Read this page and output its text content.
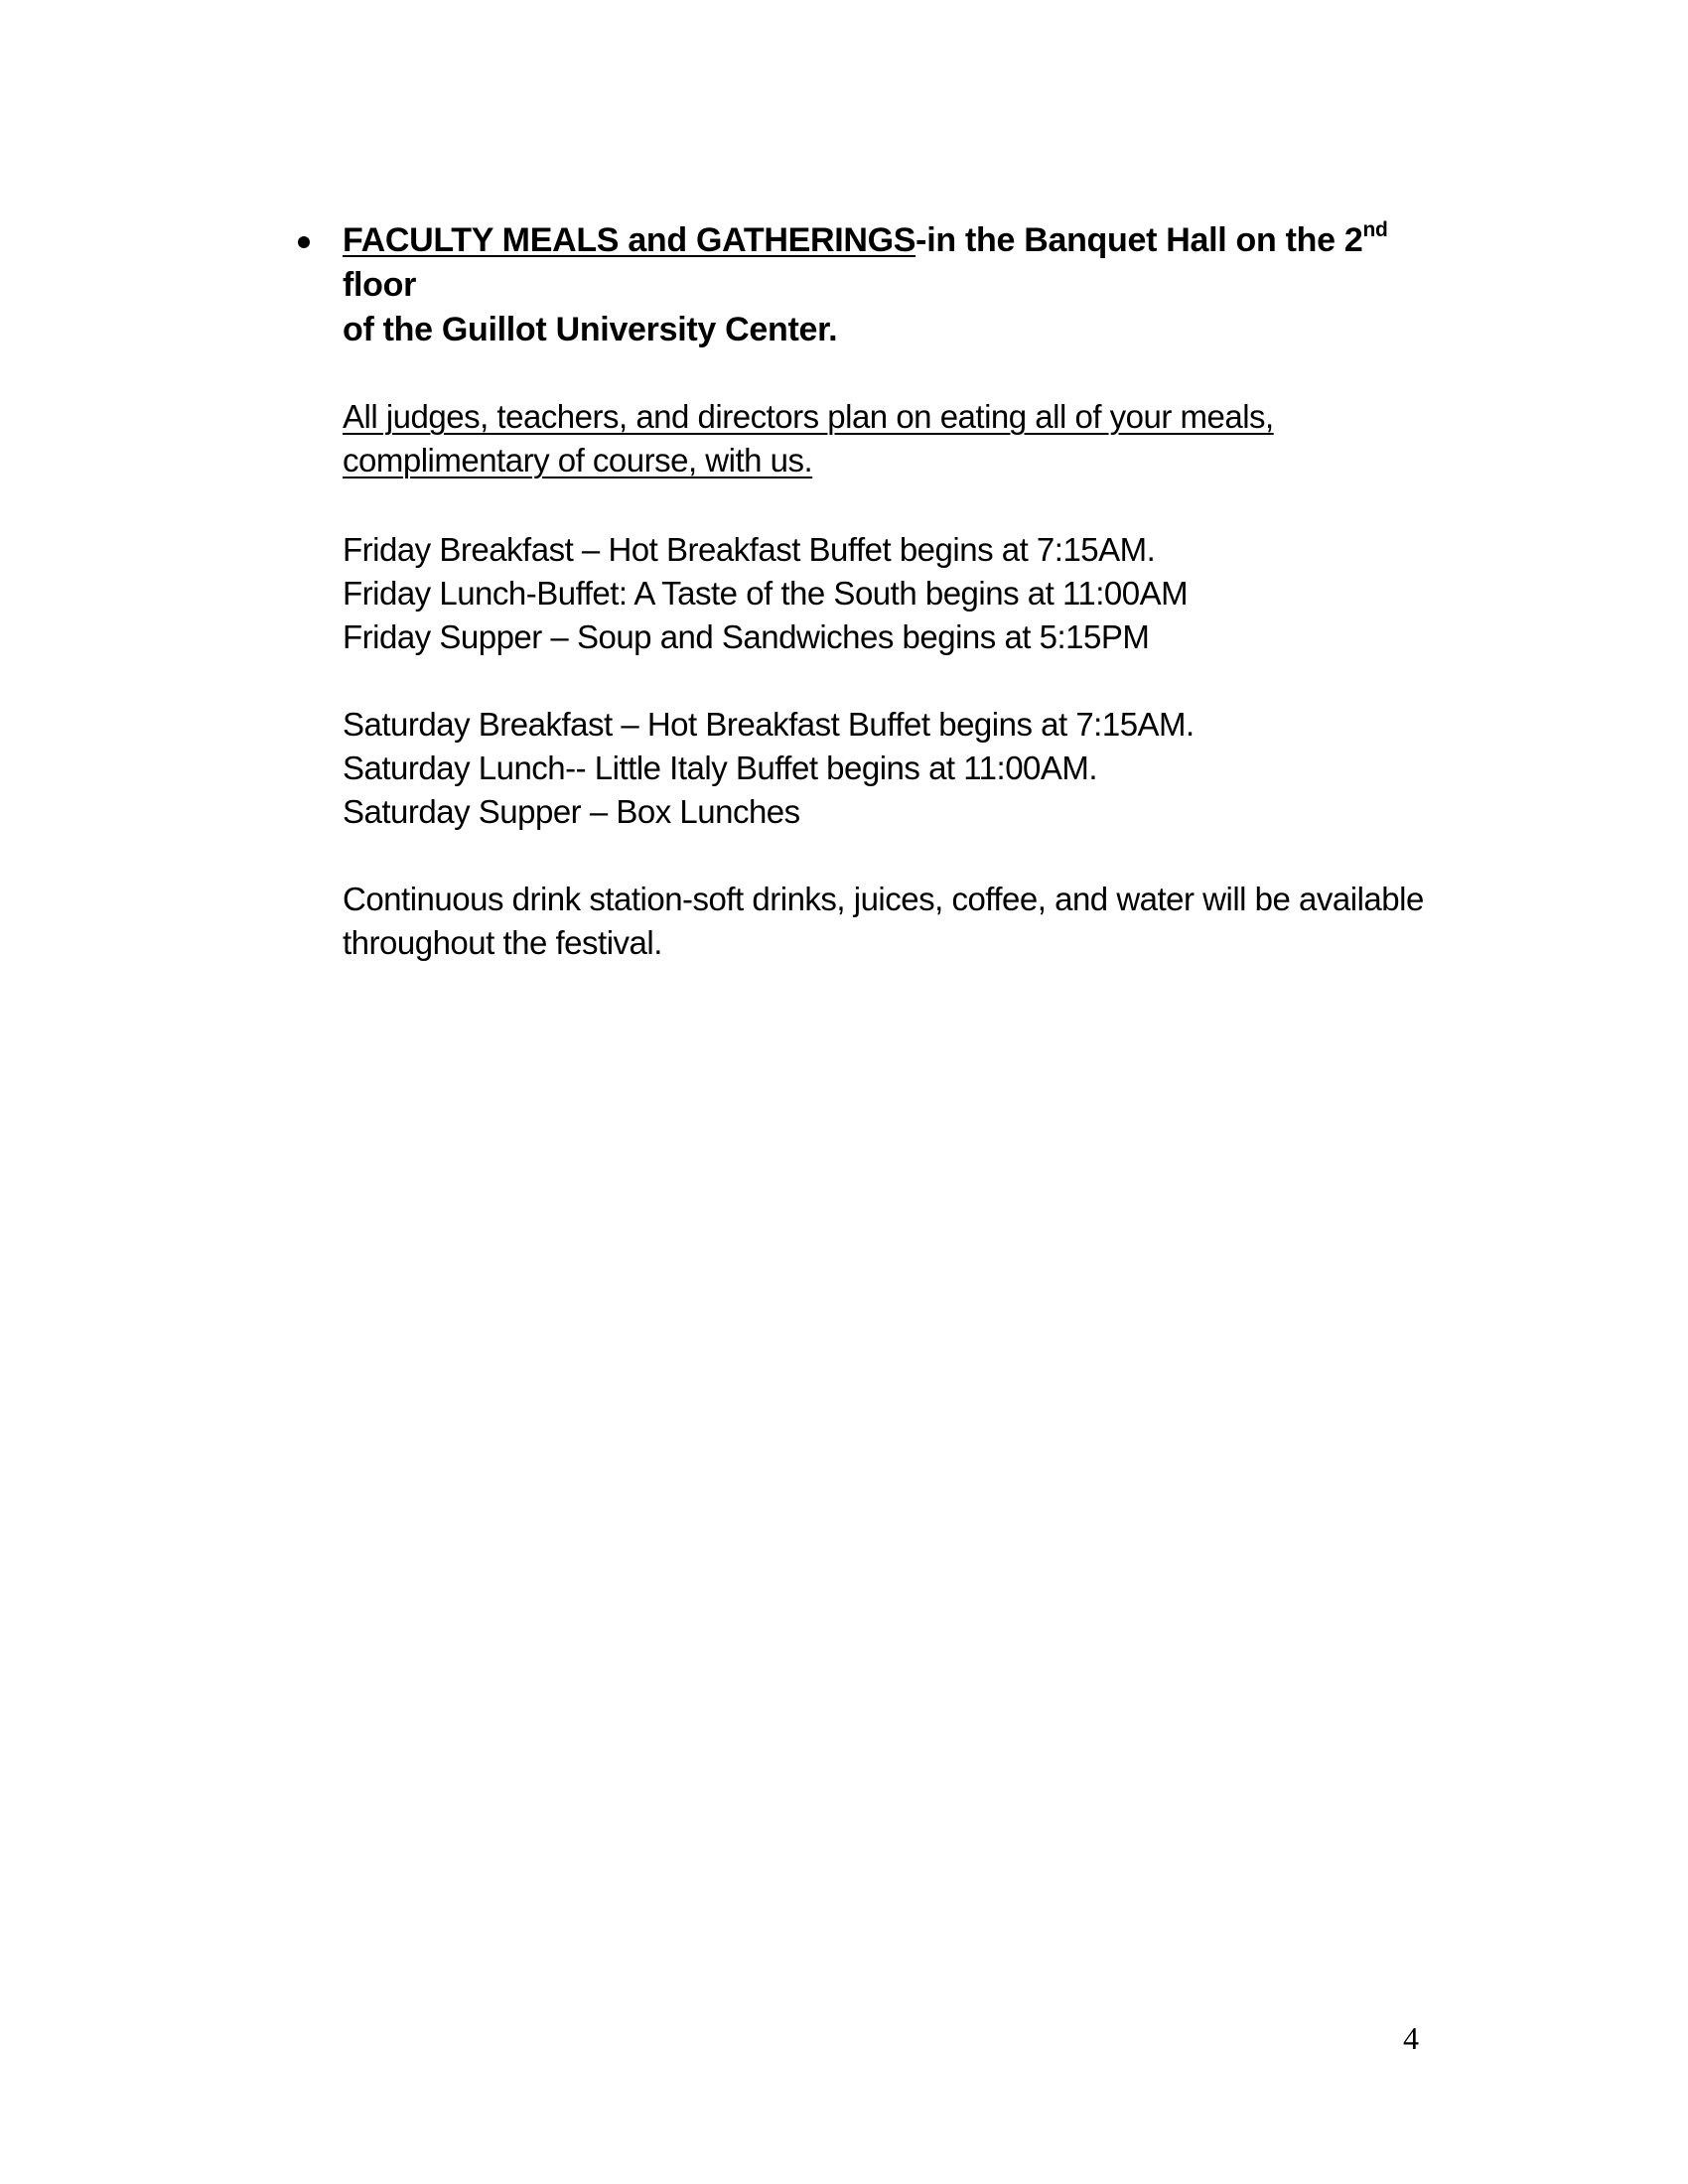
FACULTY MEALS and GATHERINGS-in the Banquet Hall on the 2nd floor
of the Guillot University Center.

All judges, teachers, and directors plan on eating all of your meals,
complimentary of course, with us.

Friday Breakfast – Hot Breakfast Buffet begins at 7:15AM.
Friday Lunch-Buffet: A Taste of the South begins at 11:00AM
Friday Supper – Soup and Sandwiches begins at 5:15PM

Saturday Breakfast – Hot Breakfast Buffet begins at 7:15AM.
Saturday Lunch-- Little Italy Buffet begins at 11:00AM.
Saturday Supper – Box Lunches

Continuous drink station-soft drinks, juices, coffee, and water will be available
throughout the festival.

4
